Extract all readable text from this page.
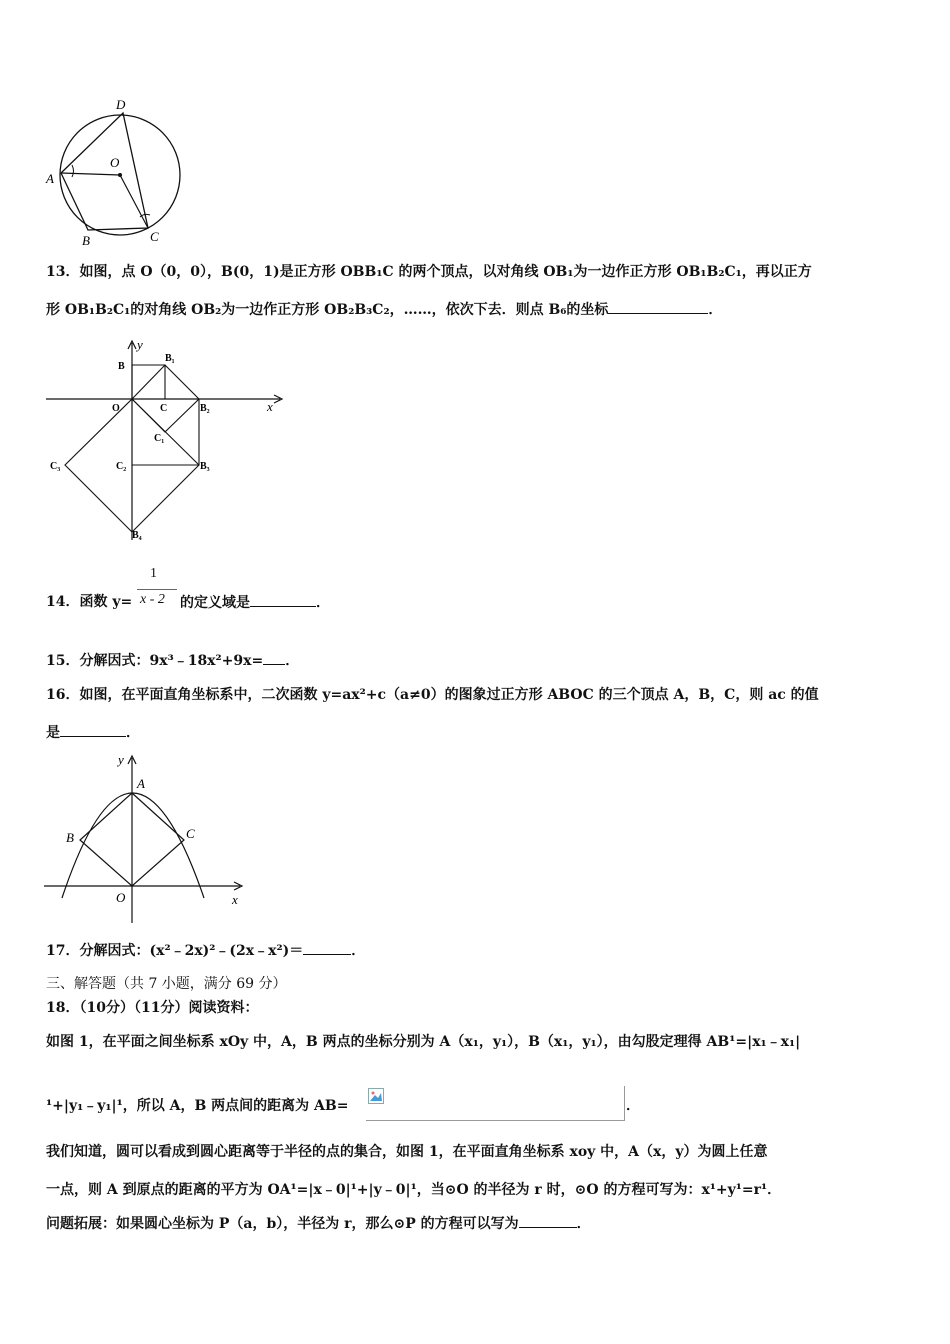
D
O
A
B	C
13．如图，点 O（0，0），B(0，1)是正方形 OBB₁C 的两个顶点，以对角线 OB₁为一边作正方形 OB₁B₂C₁，再以正方
形 OB₁B₂C₁的对角线 OB₂为一边作正方形 OB₂B₃C₂，……，依次下去．则点 B₆的坐标	．
y
x
B
B₁
O	C	B₂
C₁
C₃	C₂	B₃
B₄
14．函数 y=
1
x - 2 的定义域是	．
15．分解因式：9x³﹣18x²+9x= ．
16．如图，在平面直角坐标系中，二次函数 y=ax²+c（a≠0）的图象过正方形 ABOC 的三个顶点 A，B，C，则 ac 的值
是	．
y
A
B	C
O	x
17．分解因式：(x²﹣2x)²﹣(2x﹣x²)＝	．
三、解答题（共 7 小题，满分 69 分）
18．（10分）（11分）阅读资料：
如图 1，在平面之间坐标系 xOy 中，A，B 两点的坐标分别为 A（x₁，y₁），B（x₁，y₁），由勾股定理得 AB¹=|x₁﹣x₁|
¹+|y₁﹣y₁|¹，所以 A，B 两点间的距离为 AB=	．
我们知道，圆可以看成到圆心距离等于半径的点的集合，如图 1，在平面直角坐标系 xoy 中，A（x，y）为圆上任意
一点，则 A 到原点的距离的平方为 OA¹=|x﹣0|¹+|y﹣0|¹，当⊙O 的半径为 r 时，⊙O 的方程可写为：x¹+y¹=r¹．
问题拓展：如果圆心坐标为 P（a，b），半径为 r，那么⊙P 的方程可以写为	．
